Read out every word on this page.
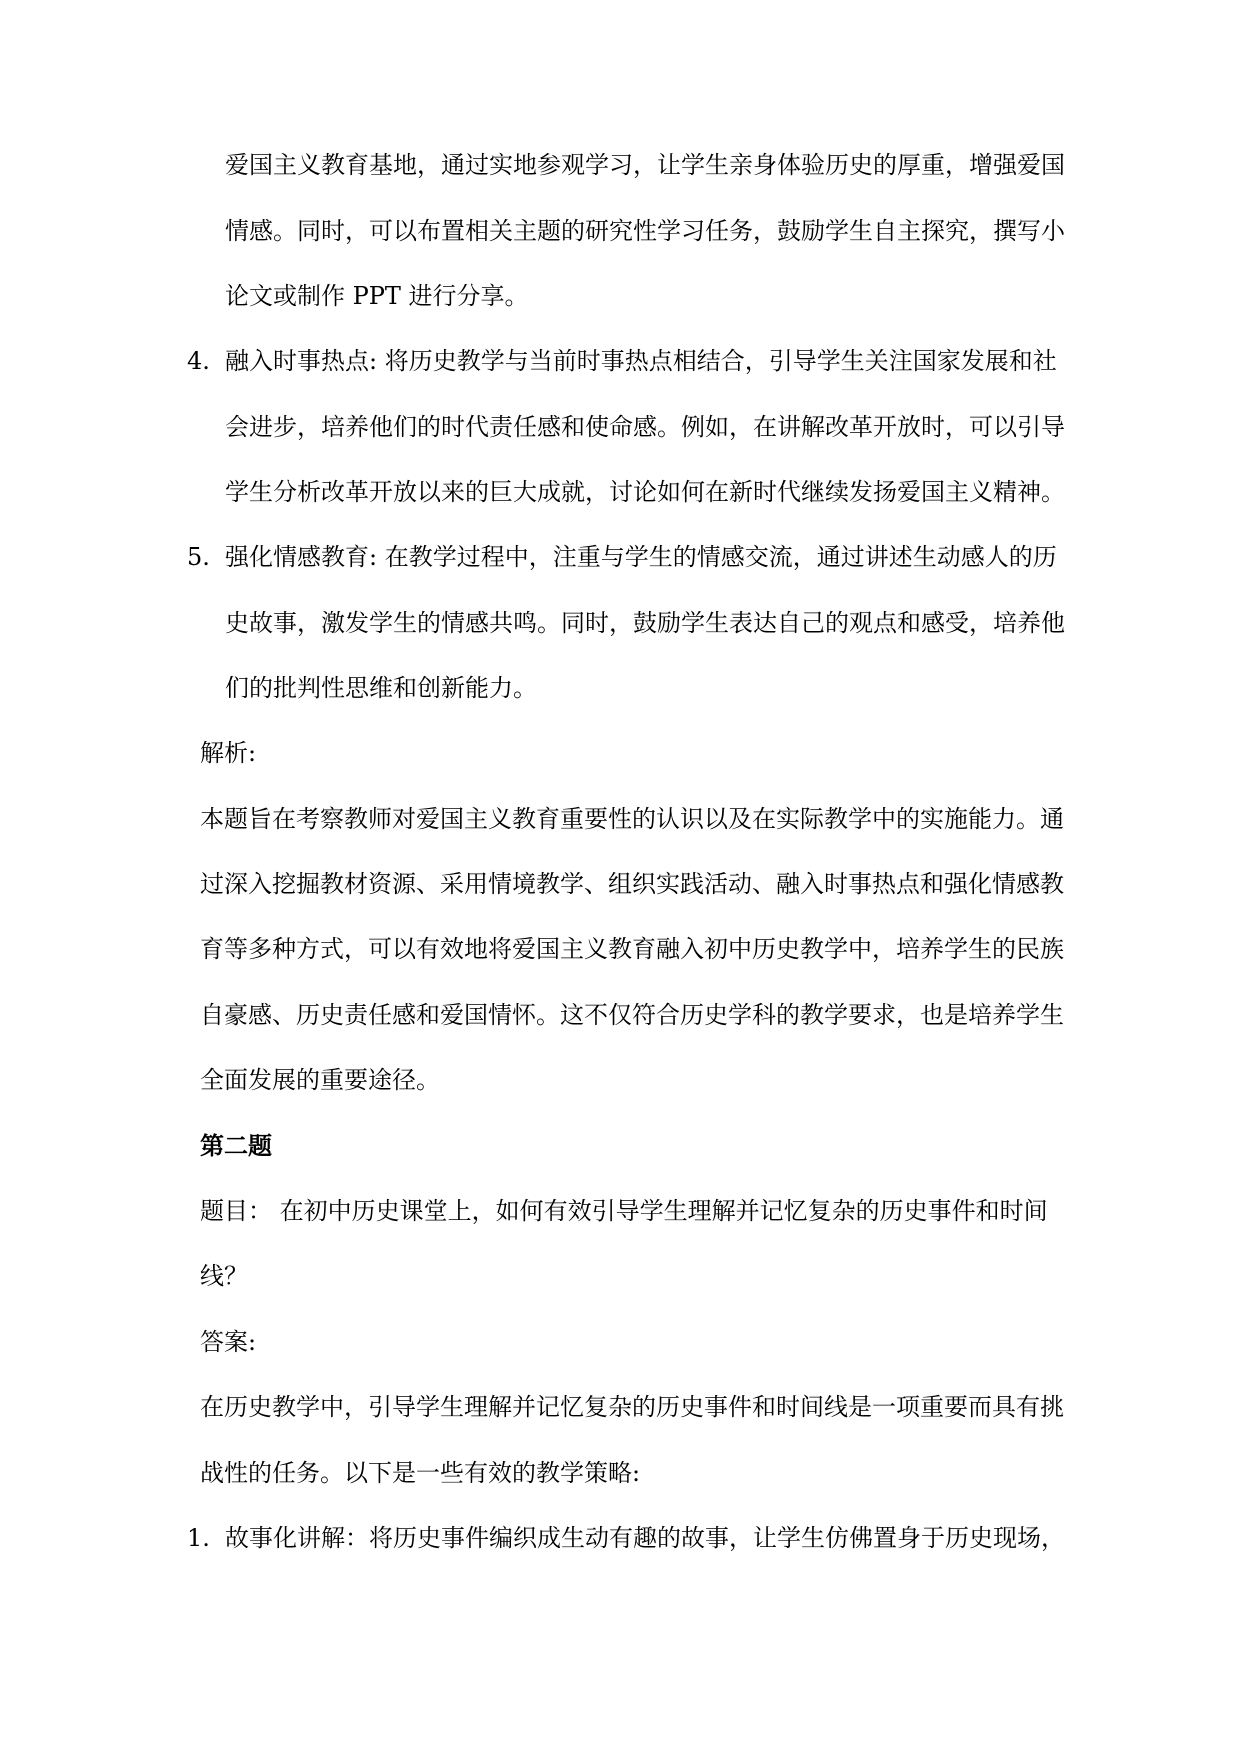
爱国主义教育基地，通过实地参观学习，让学生亲身体验历史的厚重，增强爱国
情感。同时，可以布置相关主题的研究性学习任务，鼓励学生自主探究，撰写小
论文或制作 PPT 进行分享。
4. 融入时事热点: 将历史教学与当前时事热点相结合，引导学生关注国家发展和社
会进步，培养他们的时代责任感和使命感。例如，在讲解改革开放时，可以引导
学生分析改革开放以来的巨大成就，讨论如何在新时代继续发扬爱国主义精神。
5. 强化情感教育: 在教学过程中，注重与学生的情感交流，通过讲述生动感人的历
史故事，激发学生的情感共鸣。同时，鼓励学生表达自己的观点和感受，培养他
们的批判性思维和创新能力。
解析:
本题旨在考察教师对爱国主义教育重要性的认识以及在实际教学中的实施能力。通
过深入挖掘教材资源、采用情境教学、组织实践活动、融入时事热点和强化情感教
育等多种方式，可以有效地将爱国主义教育融入初中历史教学中，培养学生的民族
自豪感、历史责任感和爱国情怀。这不仅符合历史学科的教学要求，也是培养学生
全面发展的重要途径。
第二题
题目： 在初中历史课堂上，如何有效引导学生理解并记忆复杂的历史事件和时间
线？
答案:
在历史教学中，引导学生理解并记忆复杂的历史事件和时间线是一项重要而具有挑
战性的任务。以下是一些有效的教学策略:
1. 故事化讲解：将历史事件编织成生动有趣的故事，让学生仿佛置身于历史现场，
